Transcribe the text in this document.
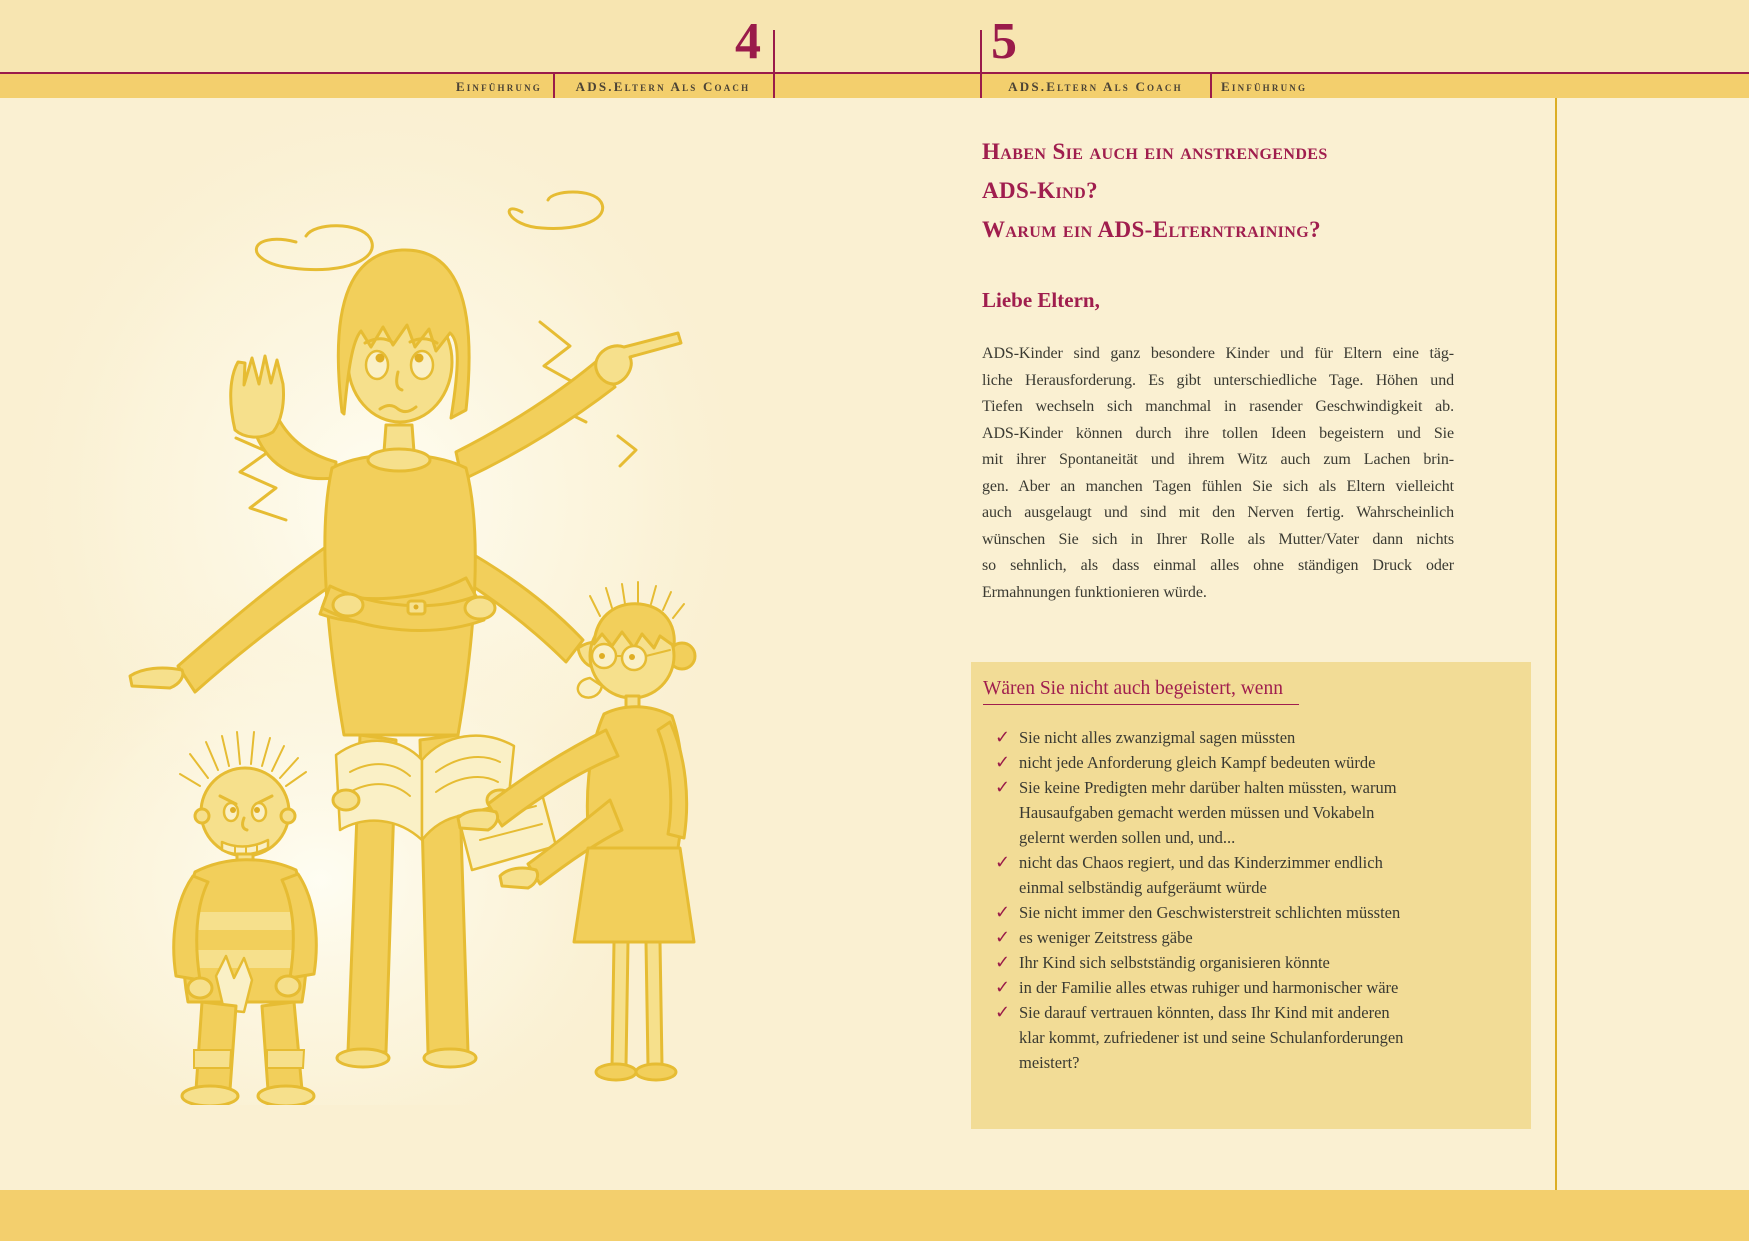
4	5
Einführung	ADS.Eltern Als Coach	ADS.Eltern Als Coach	Einführung
Haben Sie auch ein anstrengendes
ADS-Kind?
Warum ein ADS-Elterntraining?
Liebe Eltern,
ADS-Kinder sind ganz besondere Kinder und für Eltern eine täg-
liche Herausforderung. Es gibt unterschiedliche Tage. Höhen und
Tiefen wechseln sich manchmal in rasender Geschwindigkeit ab.
ADS-Kinder können durch ihre tollen Ideen begeistern und Sie
mit ihrer Spontaneität und ihrem Witz auch zum Lachen brin-
gen. Aber an manchen Tagen fühlen Sie sich als Eltern vielleicht
auch ausgelaugt und sind mit den Nerven fertig. Wahrscheinlich
wünschen Sie sich in Ihrer Rolle als Mutter/Vater dann nichts
so sehnlich, als dass einmal alles ohne ständigen Druck oder
Ermahnungen funktionieren würde.
Wären Sie nicht auch begeistert, wenn
✓ Sie nicht alles zwanzigmal sagen müssten
✓ nicht jede Anforderung gleich Kampf bedeuten würde
✓ Sie keine Predigten mehr darüber halten müssten, warum
Hausaufgaben gemacht werden müssen und Vokabeln
gelernt werden sollen und, und...
✓ nicht das Chaos regiert, und das Kinderzimmer endlich
einmal selbständig aufgeräumt würde
✓ Sie nicht immer den Geschwisterstreit schlichten müssten
✓ es weniger Zeitstress gäbe
✓ Ihr Kind sich selbstständig organisieren könnte
✓ in der Familie alles etwas ruhiger und harmonischer wäre
✓ Sie darauf vertrauen könnten, dass Ihr Kind mit anderen
klar kommt, zufriedener ist und seine Schulanforderungen
meistert?
